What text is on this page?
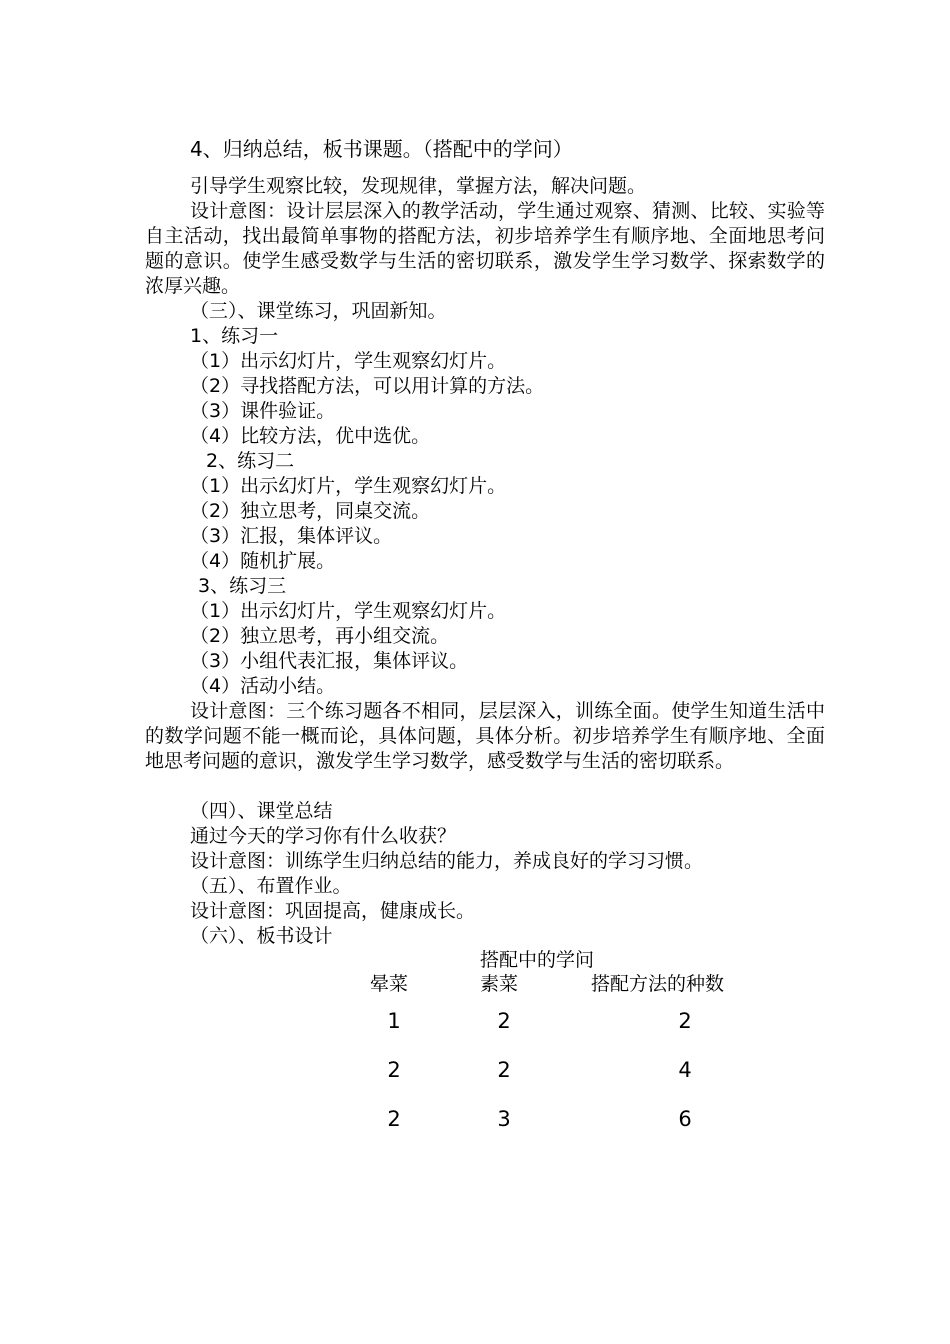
4、归纳总结，板书课题。（搭配中的学问）
引导学生观察比较，发现规律，掌握方法，解决问题。
设计意图：设计层层深入的教学活动，学生通过观察、猜测、比较、实验等自主活动，找出最简单事物的搭配方法，初步培养学生有顺序地、全面地思考问题的意识。使学生感受数学与生活的密切联系，激发学生学习数学、探索数学的浓厚兴趣。
（三）、课堂练习，巩固新知。
1、练习一
（1）出示幻灯片，学生观察幻灯片。
（2）寻找搭配方法，可以用计算的方法。
（3）课件验证。
（4）比较方法，优中选优。
2、练习二
（1）出示幻灯片，学生观察幻灯片。
（2）独立思考，同桌交流。
（3）汇报，集体评议。
（4）随机扩展。
3、练习三
（1）出示幻灯片，学生观察幻灯片。
（2）独立思考，再小组交流。
（3）小组代表汇报，集体评议。
（4）活动小结。
设计意图：三个练习题各不相同，层层深入，训练全面。使学生知道生活中的数学问题不能一概而论，具体问题，具体分析。初步培养学生有顺序地、全面地思考问题的意识，激发学生学习数学，感受数学与生活的密切联系。
（四）、课堂总结
通过今天的学习你有什么收获？
设计意图：训练学生归纳总结的能力，养成良好的学习习惯。
（五）、布置作业。
设计意图：巩固提高，健康成长。
（六）、板书设计
搭配中的学问
晕菜	素菜	搭配方法的种数
1	2	2
2	2	4
2	3	6
